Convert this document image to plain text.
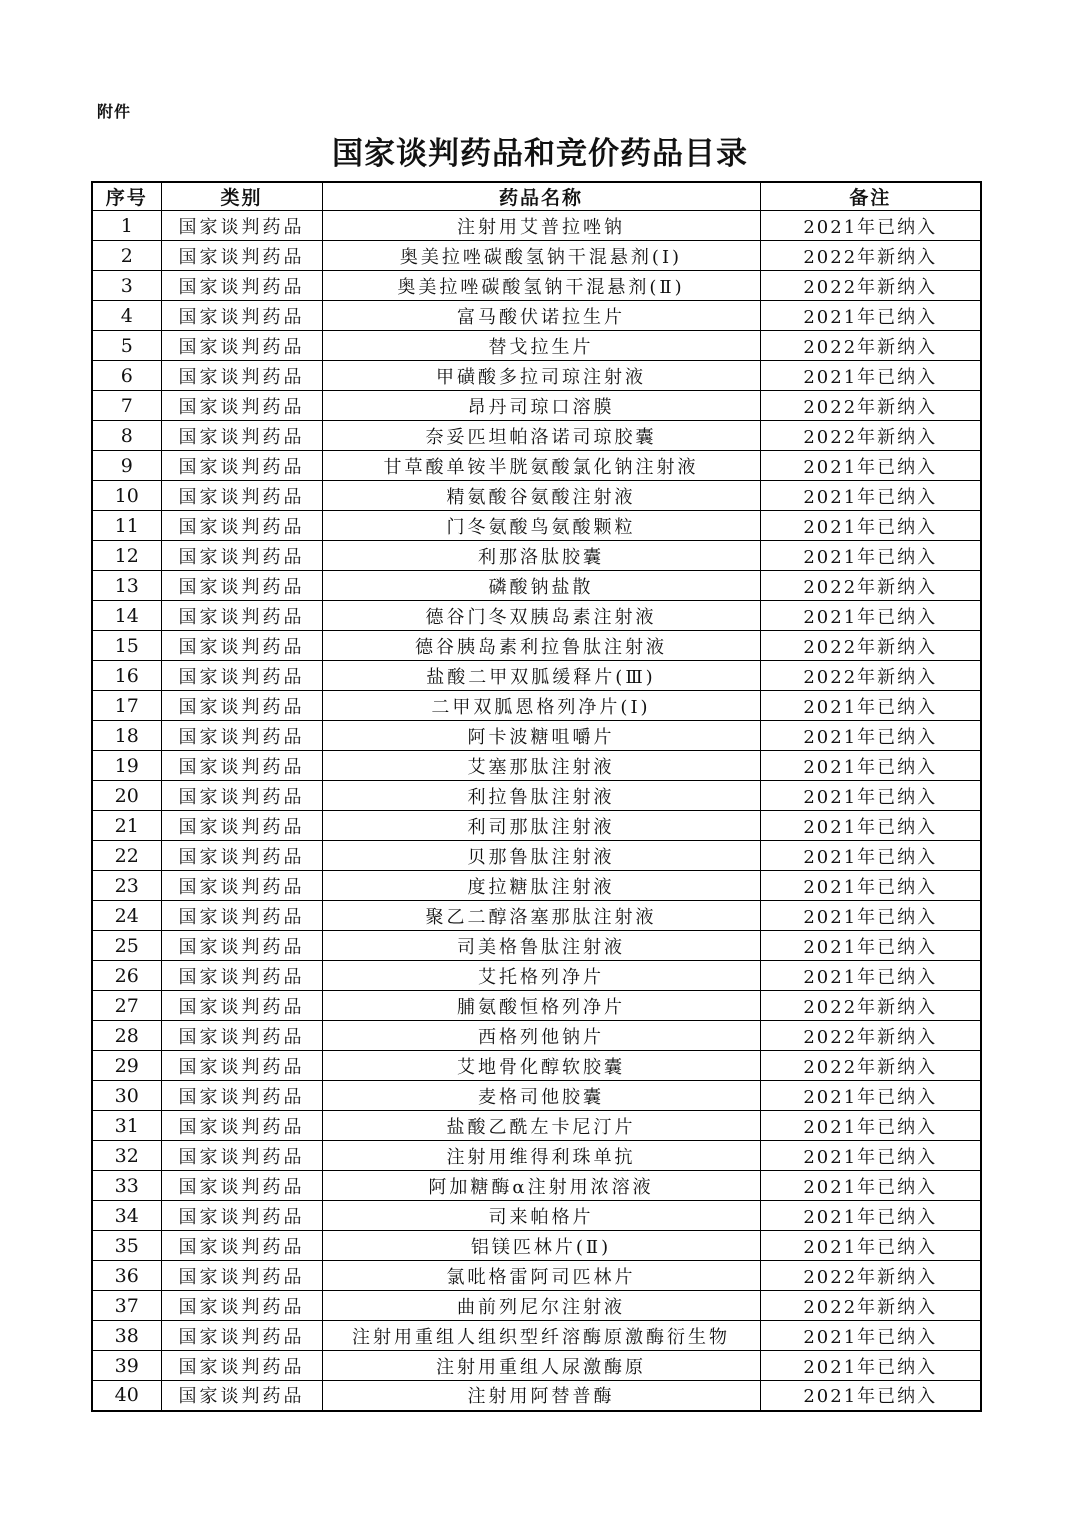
附件
国家谈判药品和竞价药品目录
序号	类别	药品名称	备注
1	国家谈判药品	注射用艾普拉唑钠	2021年已纳入
2	国家谈判药品	奥美拉唑碳酸氢钠干混悬剂(I)	2022年新纳入
3	国家谈判药品	奥美拉唑碳酸氢钠干混悬剂(Ⅱ)	2022年新纳入
4	国家谈判药品	富马酸伏诺拉生片	2021年已纳入
5	国家谈判药品	替戈拉生片	2022年新纳入
6	国家谈判药品	甲磺酸多拉司琼注射液	2021年已纳入
7	国家谈判药品	昂丹司琼口溶膜	2022年新纳入
8	国家谈判药品	奈妥匹坦帕洛诺司琼胶囊	2022年新纳入
9	国家谈判药品	甘草酸单铵半胱氨酸氯化钠注射液	2021年已纳入
10	国家谈判药品	精氨酸谷氨酸注射液	2021年已纳入
11	国家谈判药品	门冬氨酸鸟氨酸颗粒	2021年已纳入
12	国家谈判药品	利那洛肽胶囊	2021年已纳入
13	国家谈判药品	磷酸钠盐散	2022年新纳入
14	国家谈判药品	德谷门冬双胰岛素注射液	2021年已纳入
15	国家谈判药品	德谷胰岛素利拉鲁肽注射液	2022年新纳入
16	国家谈判药品	盐酸二甲双胍缓释片(Ⅲ)	2022年新纳入
17	国家谈判药品	二甲双胍恩格列净片(Ⅰ)	2021年已纳入
18	国家谈判药品	阿卡波糖咀嚼片	2021年已纳入
19	国家谈判药品	艾塞那肽注射液	2021年已纳入
20	国家谈判药品	利拉鲁肽注射液	2021年已纳入
21	国家谈判药品	利司那肽注射液	2021年已纳入
22	国家谈判药品	贝那鲁肽注射液	2021年已纳入
23	国家谈判药品	度拉糖肽注射液	2021年已纳入
24	国家谈判药品	聚乙二醇洛塞那肽注射液	2021年已纳入
25	国家谈判药品	司美格鲁肽注射液	2021年已纳入
26	国家谈判药品	艾托格列净片	2021年已纳入
27	国家谈判药品	脯氨酸恒格列净片	2022年新纳入
28	国家谈判药品	西格列他钠片	2022年新纳入
29	国家谈判药品	艾地骨化醇软胶囊	2022年新纳入
30	国家谈判药品	麦格司他胶囊	2021年已纳入
31	国家谈判药品	盐酸乙酰左卡尼汀片	2021年已纳入
32	国家谈判药品	注射用维得利珠单抗	2021年已纳入
33	国家谈判药品	阿加糖酶α注射用浓溶液	2021年已纳入
34	国家谈判药品	司来帕格片	2021年已纳入
35	国家谈判药品	铝镁匹林片(Ⅱ)	2021年已纳入
36	国家谈判药品	氯吡格雷阿司匹林片	2022年新纳入
37	国家谈判药品	曲前列尼尔注射液	2022年新纳入
38	国家谈判药品	注射用重组人组织型纤溶酶原激酶衍生物	2021年已纳入
39	国家谈判药品	注射用重组人尿激酶原	2021年已纳入
40	国家谈判药品	注射用阿替普酶	2021年已纳入
